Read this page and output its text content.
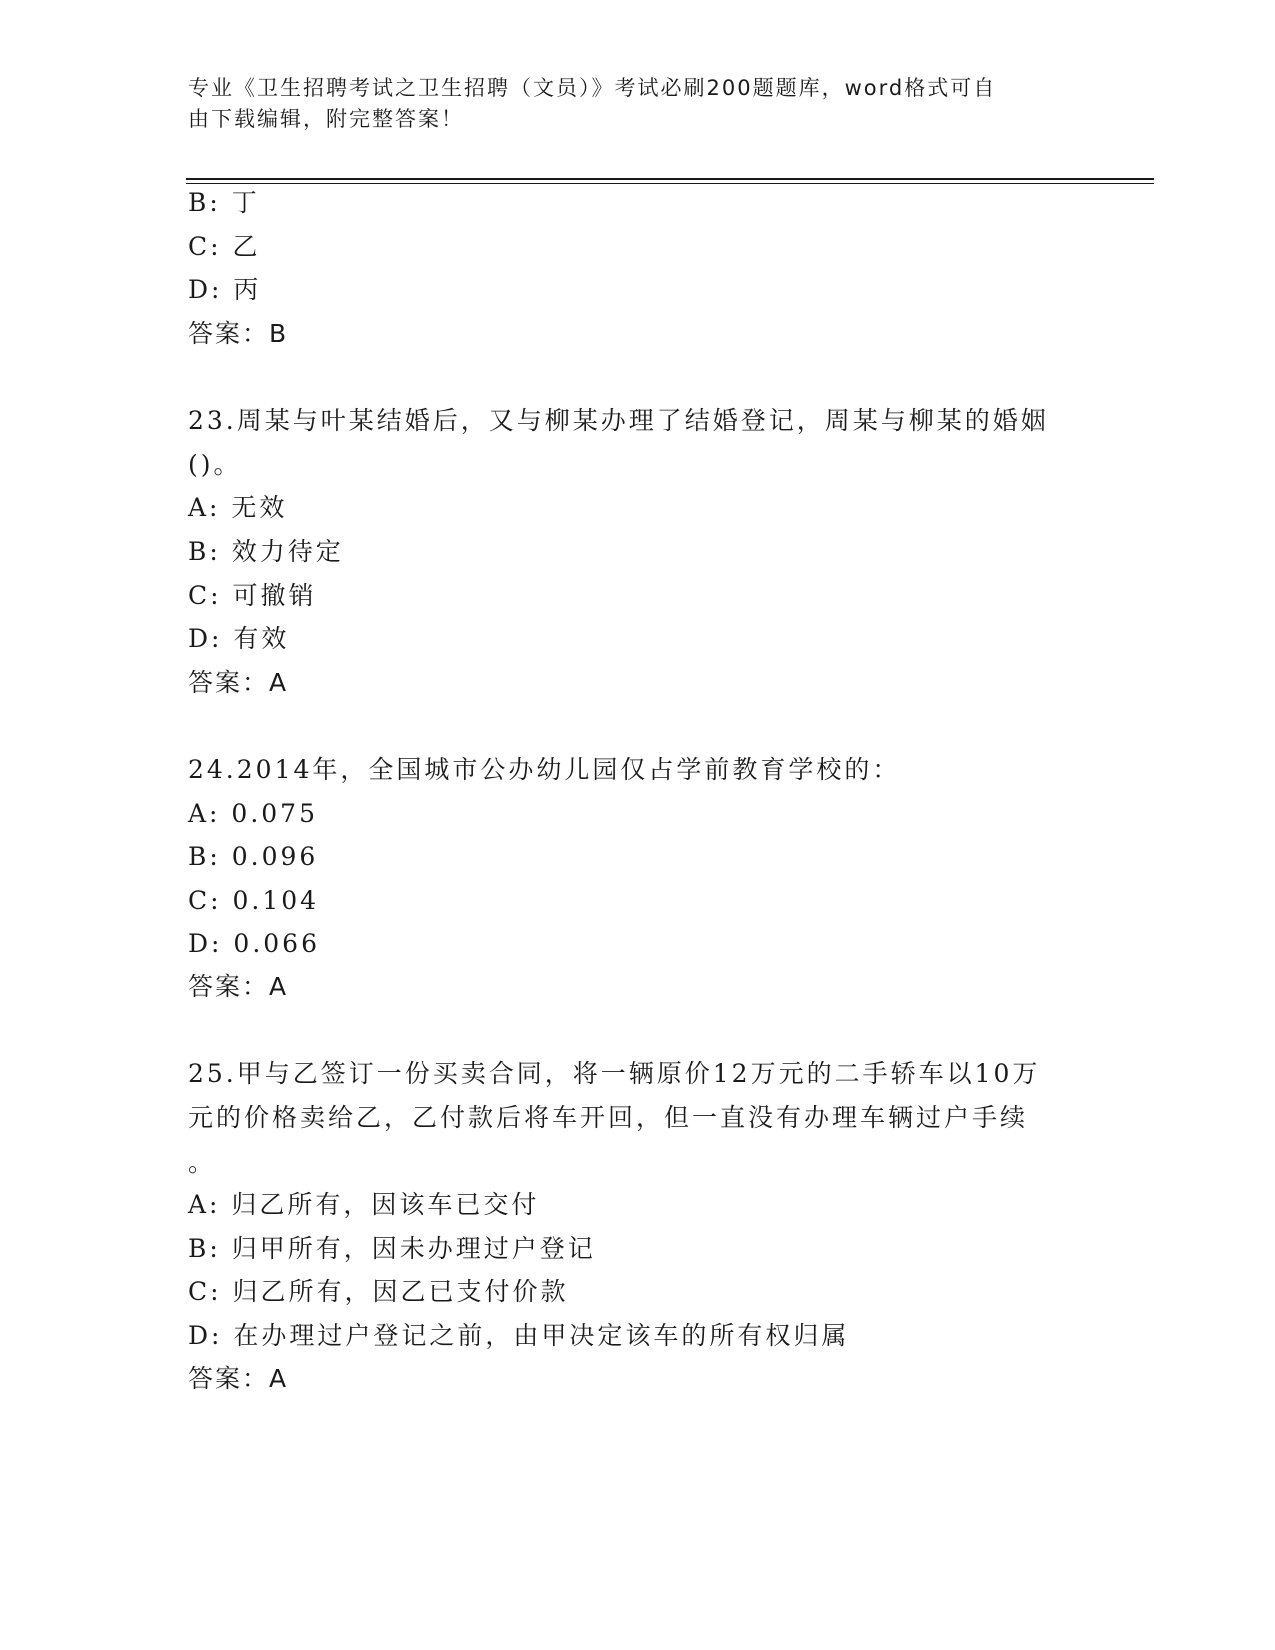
专业《卫生招聘考试之卫生招聘（文员）》考试必刷200题题库，word格式可自
由下载编辑，附完整答案！
B: 丁
C: 乙
D: 丙
答案：B
23.周某与叶某结婚后，又与柳某办理了结婚登记，周某与柳某的婚姻
()。
A: 无效
B: 效力待定
C: 可撤销
D: 有效
答案：A
24.2014年，全国城市公办幼儿园仅占学前教育学校的：
A: 0.075
B: 0.096
C: 0.104
D: 0.066
答案：A
25.甲与乙签订一份买卖合同，将一辆原价12万元的二手轿车以10万
元的价格卖给乙，乙付款后将车开回，但一直没有办理车辆过户手续
。
A: 归乙所有，因该车已交付
B: 归甲所有，因未办理过户登记
C: 归乙所有，因乙已支付价款
D: 在办理过户登记之前，由甲决定该车的所有权归属
答案：A
